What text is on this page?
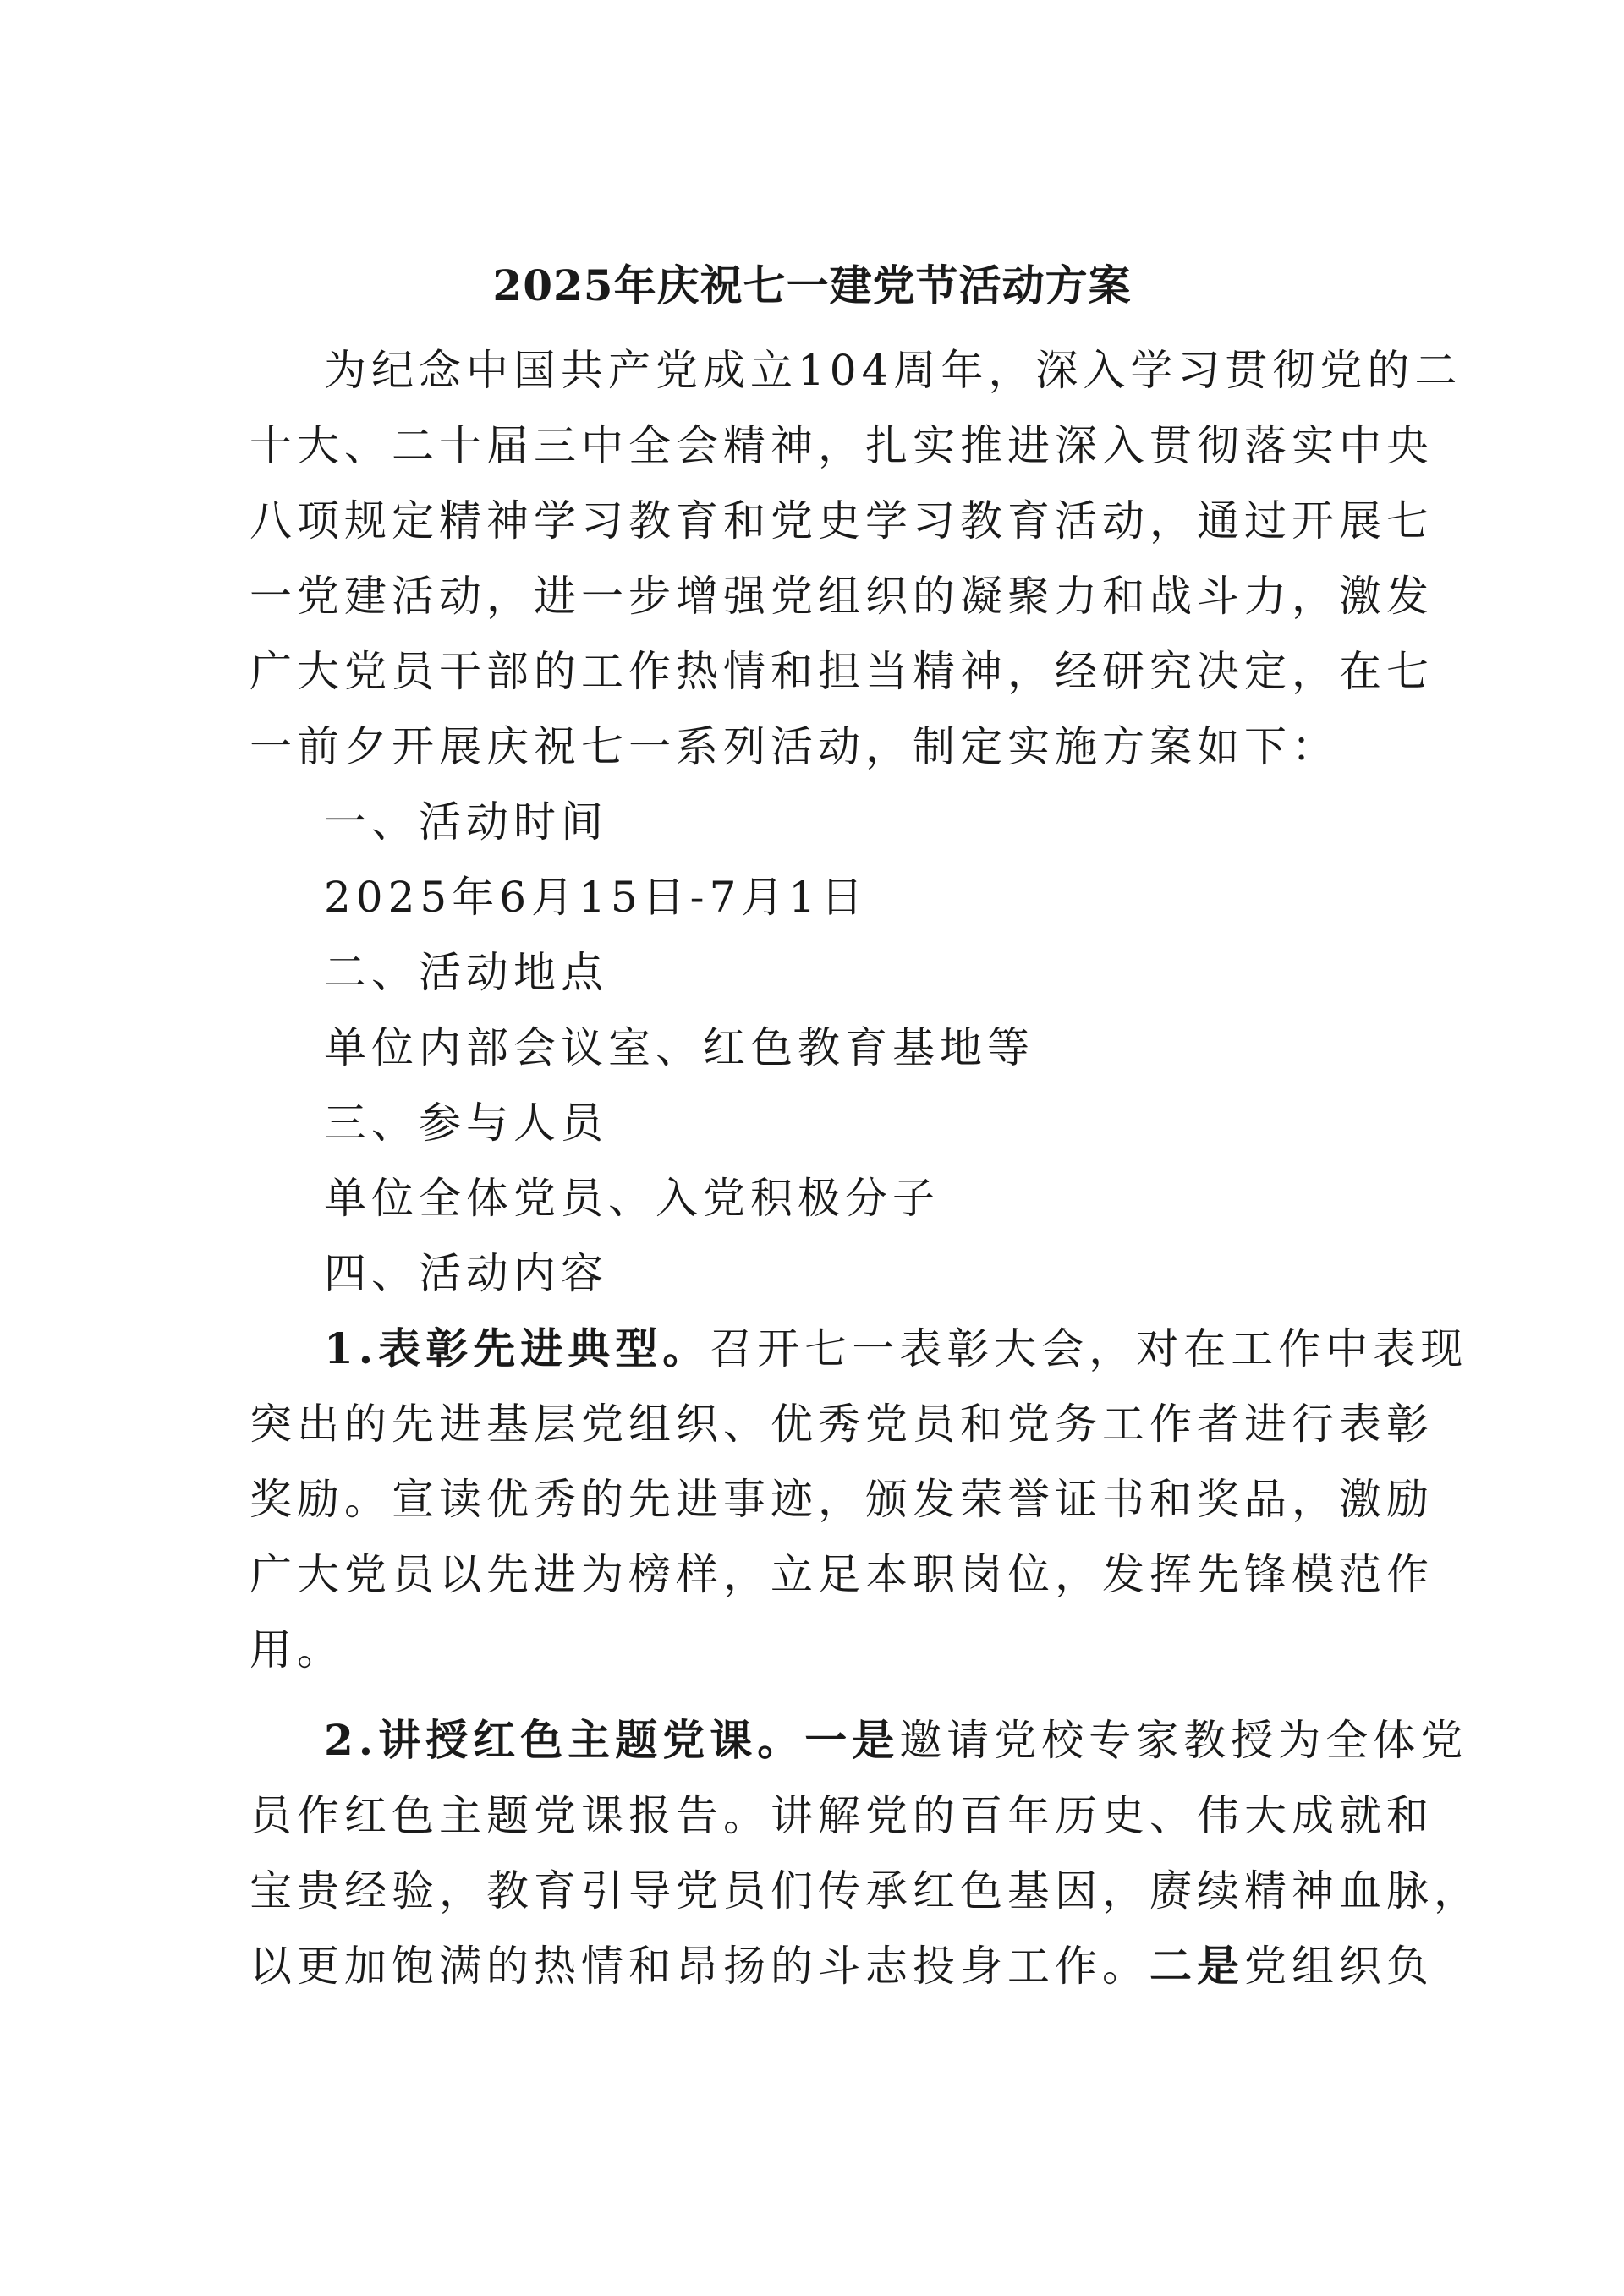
2025年庆祝七一建党节活动方案
为纪念中国共产党成立104周年，深入学习贯彻党的二
十大、二十届三中全会精神，扎实推进深入贯彻落实中央
八项规定精神学习教育和党史学习教育活动，通过开展七
一党建活动，进一步增强党组织的凝聚力和战斗力，激发
广大党员干部的工作热情和担当精神，经研究决定，在七
一前夕开展庆祝七一系列活动，制定实施方案如下：
一、活动时间
2025年6月15日-7月1日
二、活动地点
单位内部会议室、红色教育基地等
三、参与人员
单位全体党员、入党积极分子
四、活动内容
1.表彰先进典型。召开七一表彰大会，对在工作中表现
突出的先进基层党组织、优秀党员和党务工作者进行表彰
奖励。宣读优秀的先进事迹，颁发荣誉证书和奖品，激励
广大党员以先进为榜样，立足本职岗位，发挥先锋模范作
用。
2.讲授红色主题党课。一是邀请党校专家教授为全体党
员作红色主题党课报告。讲解党的百年历史、伟大成就和
宝贵经验，教育引导党员们传承红色基因，赓续精神血脉，
以更加饱满的热情和昂扬的斗志投身工作。二是党组织负
